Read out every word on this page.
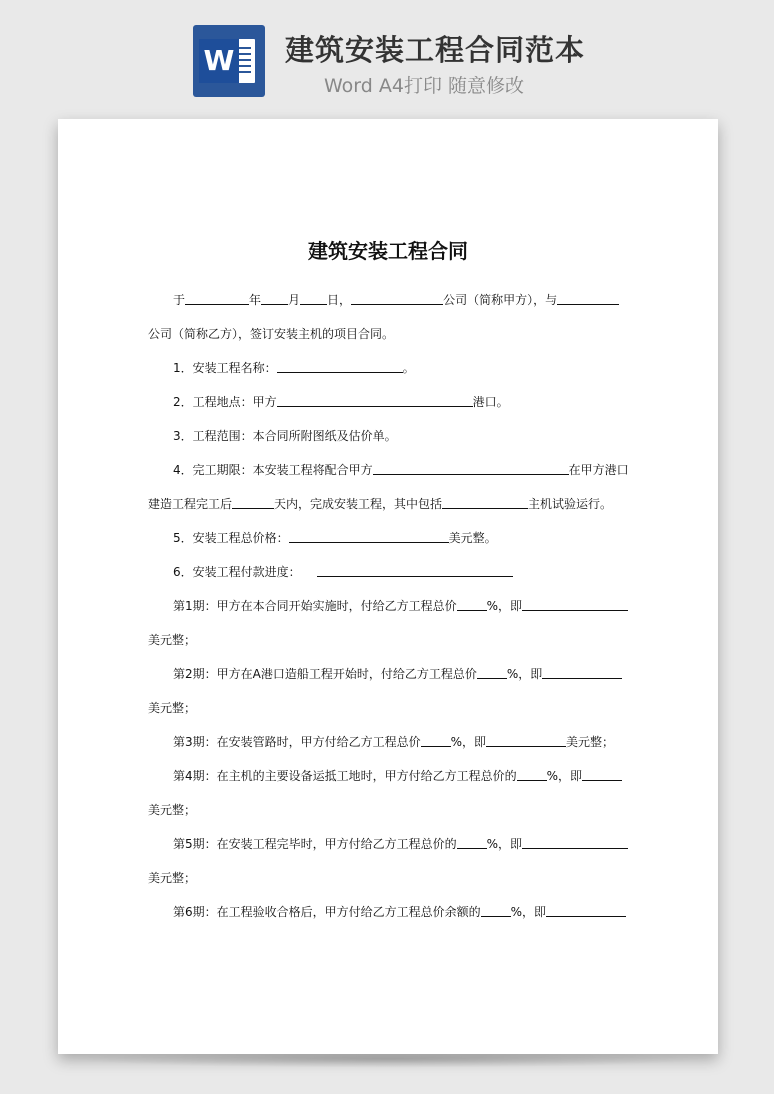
W 建筑安装工程合同范本
Word A4打印 随意修改

建筑安装工程合同
于	年 月 日，	公司（简称甲方），与
公司（简称乙方），签订安装主机的项目合同。
1．安装工程名称：	。
2．工程地点：甲方	港口。
3．工程范围：本合同所附图纸及估价单。
4．完工期限：本安装工程将配合甲方	在甲方港口
建造工程完工后	天内，完成安装工程，其中包括	主机试验运行。
5．安装工程总价格：	美元整。
6．安装工程付款进度：
第1期：甲方在本合同开始实施时，付给乙方工程总价	%，即
美元整；
第2期：甲方在A港口造船工程开始时，付给乙方工程总价	%，即
美元整；
第3期：在安装管路时，甲方付给乙方工程总价	%，即	美元整；
第4期：在主机的主要设备运抵工地时，甲方付给乙方工程总价的	%，即
美元整；
第5期：在安装工程完毕时，甲方付给乙方工程总价的	%，即
美元整；
第6期：在工程验收合格后，甲方付给乙方工程总价余额的	%，即
